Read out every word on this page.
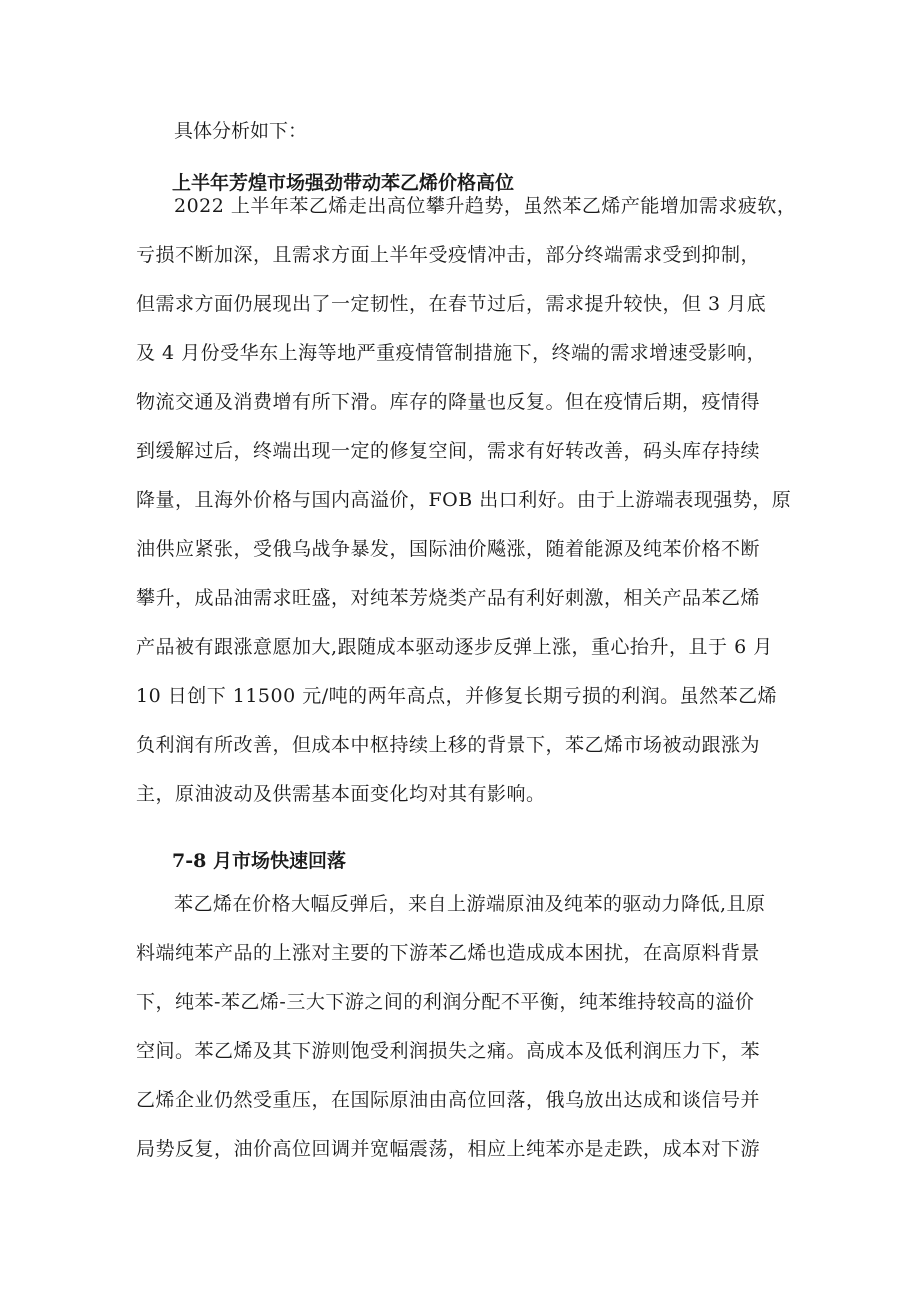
具体分析如下：
上半年芳煌市场强劲带动苯乙烯价格高位
2022 上半年苯乙烯走出高位攀升趋势，虽然苯乙烯产能增加需求疲软，
亏损不断加深，且需求方面上半年受疫情冲击，部分终端需求受到抑制，
但需求方面仍展现出了一定韧性，在春节过后，需求提升较快，但 3 月底
及 4 月份受华东上海等地严重疫情管制措施下，终端的需求增速受影响，
物流交通及消费增有所下滑。库存的降量也反复。但在疫情后期，疫情得
到缓解过后，终端出现一定的修复空间，需求有好转改善，码头库存持续
降量，且海外价格与国内高溢价，FOB 出口利好。由于上游端表现强势，原
油供应紧张，受俄乌战争暴发，国际油价飚涨，随着能源及纯苯价格不断
攀升，成品油需求旺盛，对纯苯芳烧类产品有利好刺激，相关产品苯乙烯
产品被有跟涨意愿加大,跟随成本驱动逐步反弹上涨，重心抬升，且于 6 月
10 日创下 11500 元/吨的两年高点，并修复长期亏损的利润。虽然苯乙烯
负利润有所改善，但成本中枢持续上移的背景下，苯乙烯市场被动跟涨为
主，原油波动及供需基本面变化均对其有影响。
7-8 月市场快速回落
苯乙烯在价格大幅反弹后，来自上游端原油及纯苯的驱动力降低,且原
料端纯苯产品的上涨对主要的下游苯乙烯也造成成本困扰，在高原料背景
下，纯苯-苯乙烯-三大下游之间的利润分配不平衡，纯苯维持较高的溢价
空间。苯乙烯及其下游则饱受利润损失之痛。高成本及低利润压力下，苯
乙烯企业仍然受重压，在国际原油由高位回落，俄乌放出达成和谈信号并
局势反复，油价高位回调并宽幅震荡，相应上纯苯亦是走跌，成本对下游
